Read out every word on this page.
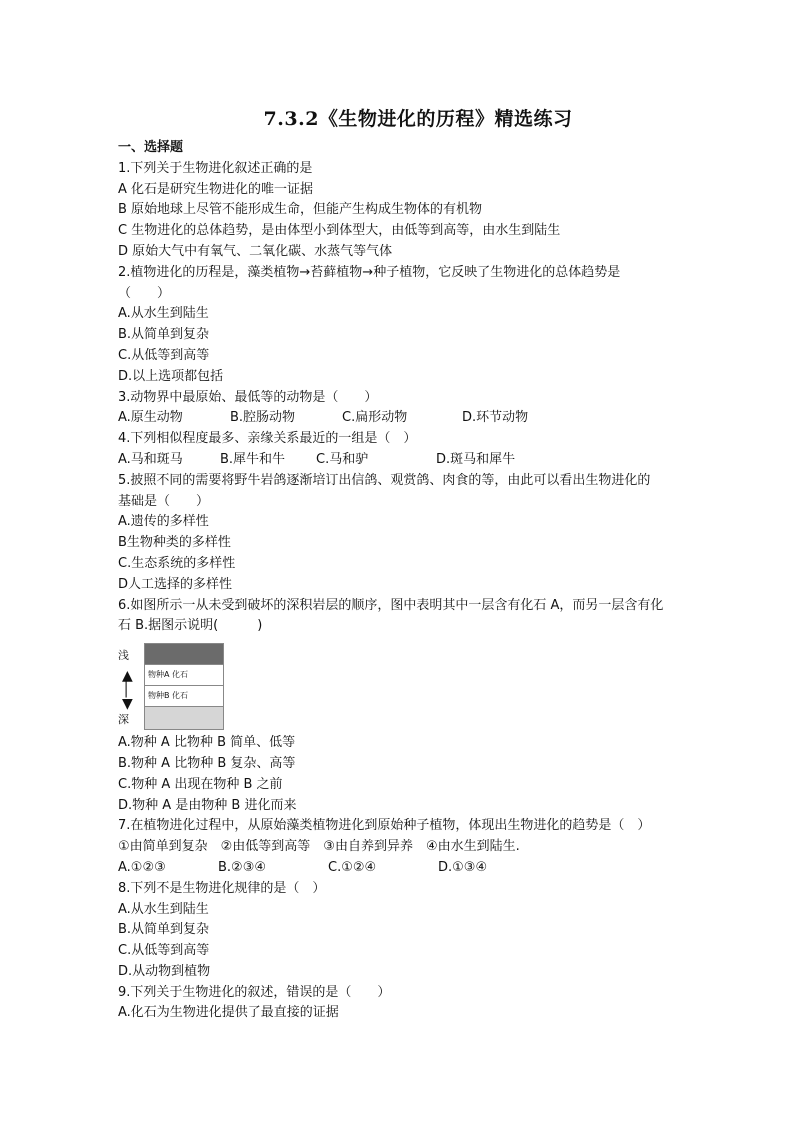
7.3.2《生物进化的历程》精选练习
一、选择题
1.下列关于生物进化叙述正确的是
A 化石是研究生物进化的唯一证据
B 原始地球上尽管不能形成生命，但能产生构成生物体的有机物
C 生物进化的总体趋势，是由体型小到体型大，由低等到高等，由水生到陆生
D 原始大气中有氧气、二氧化碳、水蒸气等气体
2.植物进化的历程是，藻类植物→苔藓植物→种子植物，它反映了生物进化的总体趋势是
（　　）
A.从水生到陆生
B.从简单到复杂
C.从低等到高等
D.以上选项都包括
3.动物界中最原始、最低等的动物是（　　）
A.原生动物	B.腔肠动物	C.扁形动物	D.环节动物
4.下列相似程度最多、亲缘关系最近的一组是（　）
A.马和斑马	B.犀牛和牛	C.马和驴	D.斑马和犀牛
5.披照不同的需要将野牛岩鸽逐渐培订出信鸽、观赏鸽、肉食的等，由此可以看出生物进化的
基础是（　　）
A.遗传的多样性
B生物种类的多样性
C.生态系统的多样性
D人工选择的多样性
6.如图所示一从未受到破坏的深积岩层的顺序，图中表明其中一层含有化石 A，而另一层含有化
石 B.据图示说明(　　　)
浅
▲
│
▼
深
物种A 化石
物种B 化石
A.物种 A 比物种 B 简单、低等
B.物种 A 比物种 B 复杂、高等
C.物种 A 出现在物种 B 之前
D.物种 A 是由物种 B 进化而来
7.在植物进化过程中，从原始藻类植物进化到原始种子植物，体现出生物进化的趋势是（　）
①由简单到复杂　②由低等到高等　③由自养到异养　④由水生到陆生.
A.①②③	B.②③④	C.①②④	D.①③④
8.下列不是生物进化规律的是（　）
A.从水生到陆生
B.从简单到复杂
C.从低等到高等
D.从动物到植物
9.下列关于生物进化的叙述，错误的是（　　）
A.化石为生物进化提供了最直接的证据
